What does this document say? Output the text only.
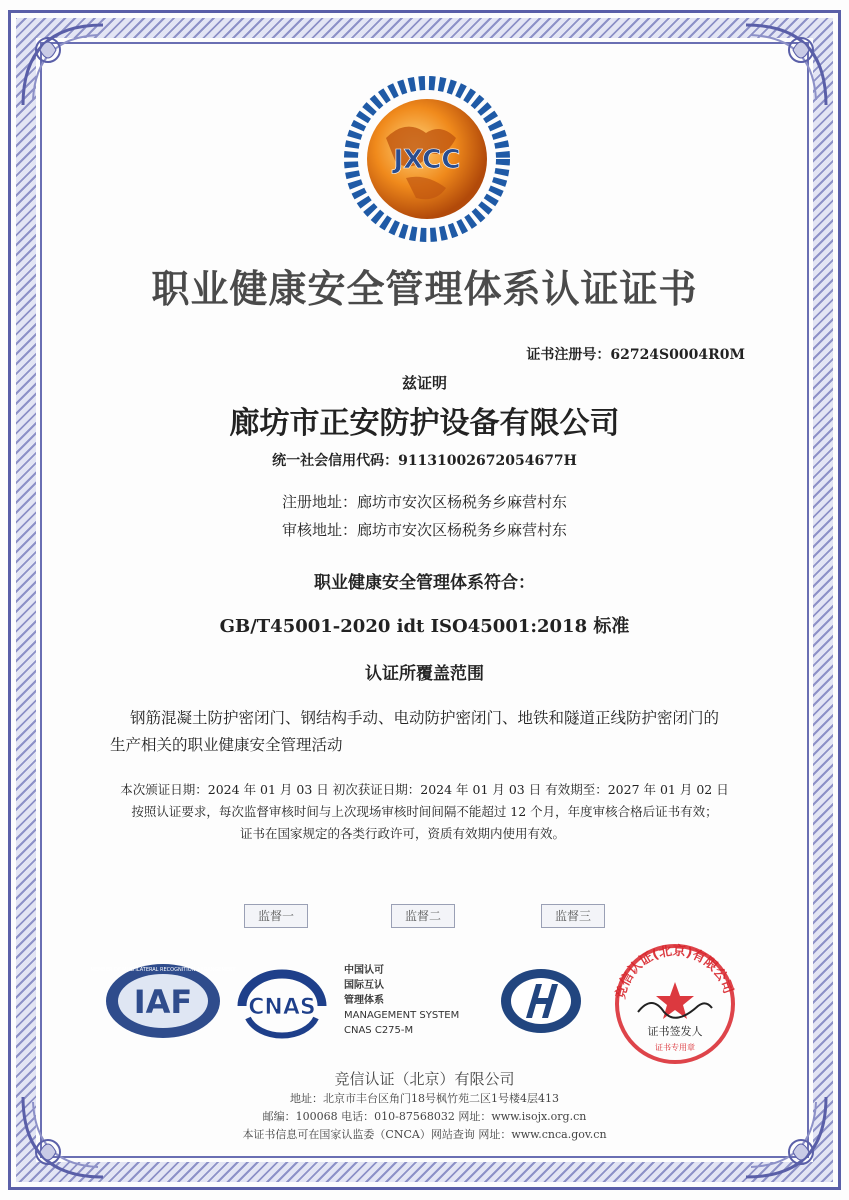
JXCC
职业健康安全管理体系认证证书
证书注册号：62724S0004R0M
兹证明
廊坊市正安防护设备有限公司
统一社会信用代码：91131002672054677H
注册地址：廊坊市安次区杨税务乡麻营村东
审核地址：廊坊市安次区杨税务乡麻营村东
职业健康安全管理体系符合：
GB/T45001-2020 idt ISO45001:2018 标准
认证所覆盖范围
钢筋混凝土防护密闭门、钢结构手动、电动防护密闭门、地铁和隧道正线防护密闭门的
生产相关的职业健康安全管理活动
本次颁证日期：2024 年 01 月 03 日 初次获证日期：2024 年 01 月 03 日 有效期至：2027 年 01 月 02 日
按照认证要求，每次监督审核时间与上次现场审核时间间隔不能超过 12 个月，年度审核合格后证书有效；
证书在国家规定的各类行政许可，资质有效期内使用有效。
监督一	监督二	监督三
IAF
MEMBER OF MULTILATERAL RECOGNITION ARRANGEMENT
CNAS
中国认可
国际互认
管理体系
MANAGEMENT SYSTEM
CNAS C275-M
竞信认证(北京)有限公司
证书签发人
证书专用章
竞信认证（北京）有限公司
地址：北京市丰台区角门18号枫竹苑二区1号楼4层413
邮编：100068 电话：010-87568032 网址：www.isojx.org.cn
本证书信息可在国家认监委（CNCA）网站查询 网址：www.cnca.gov.cn
